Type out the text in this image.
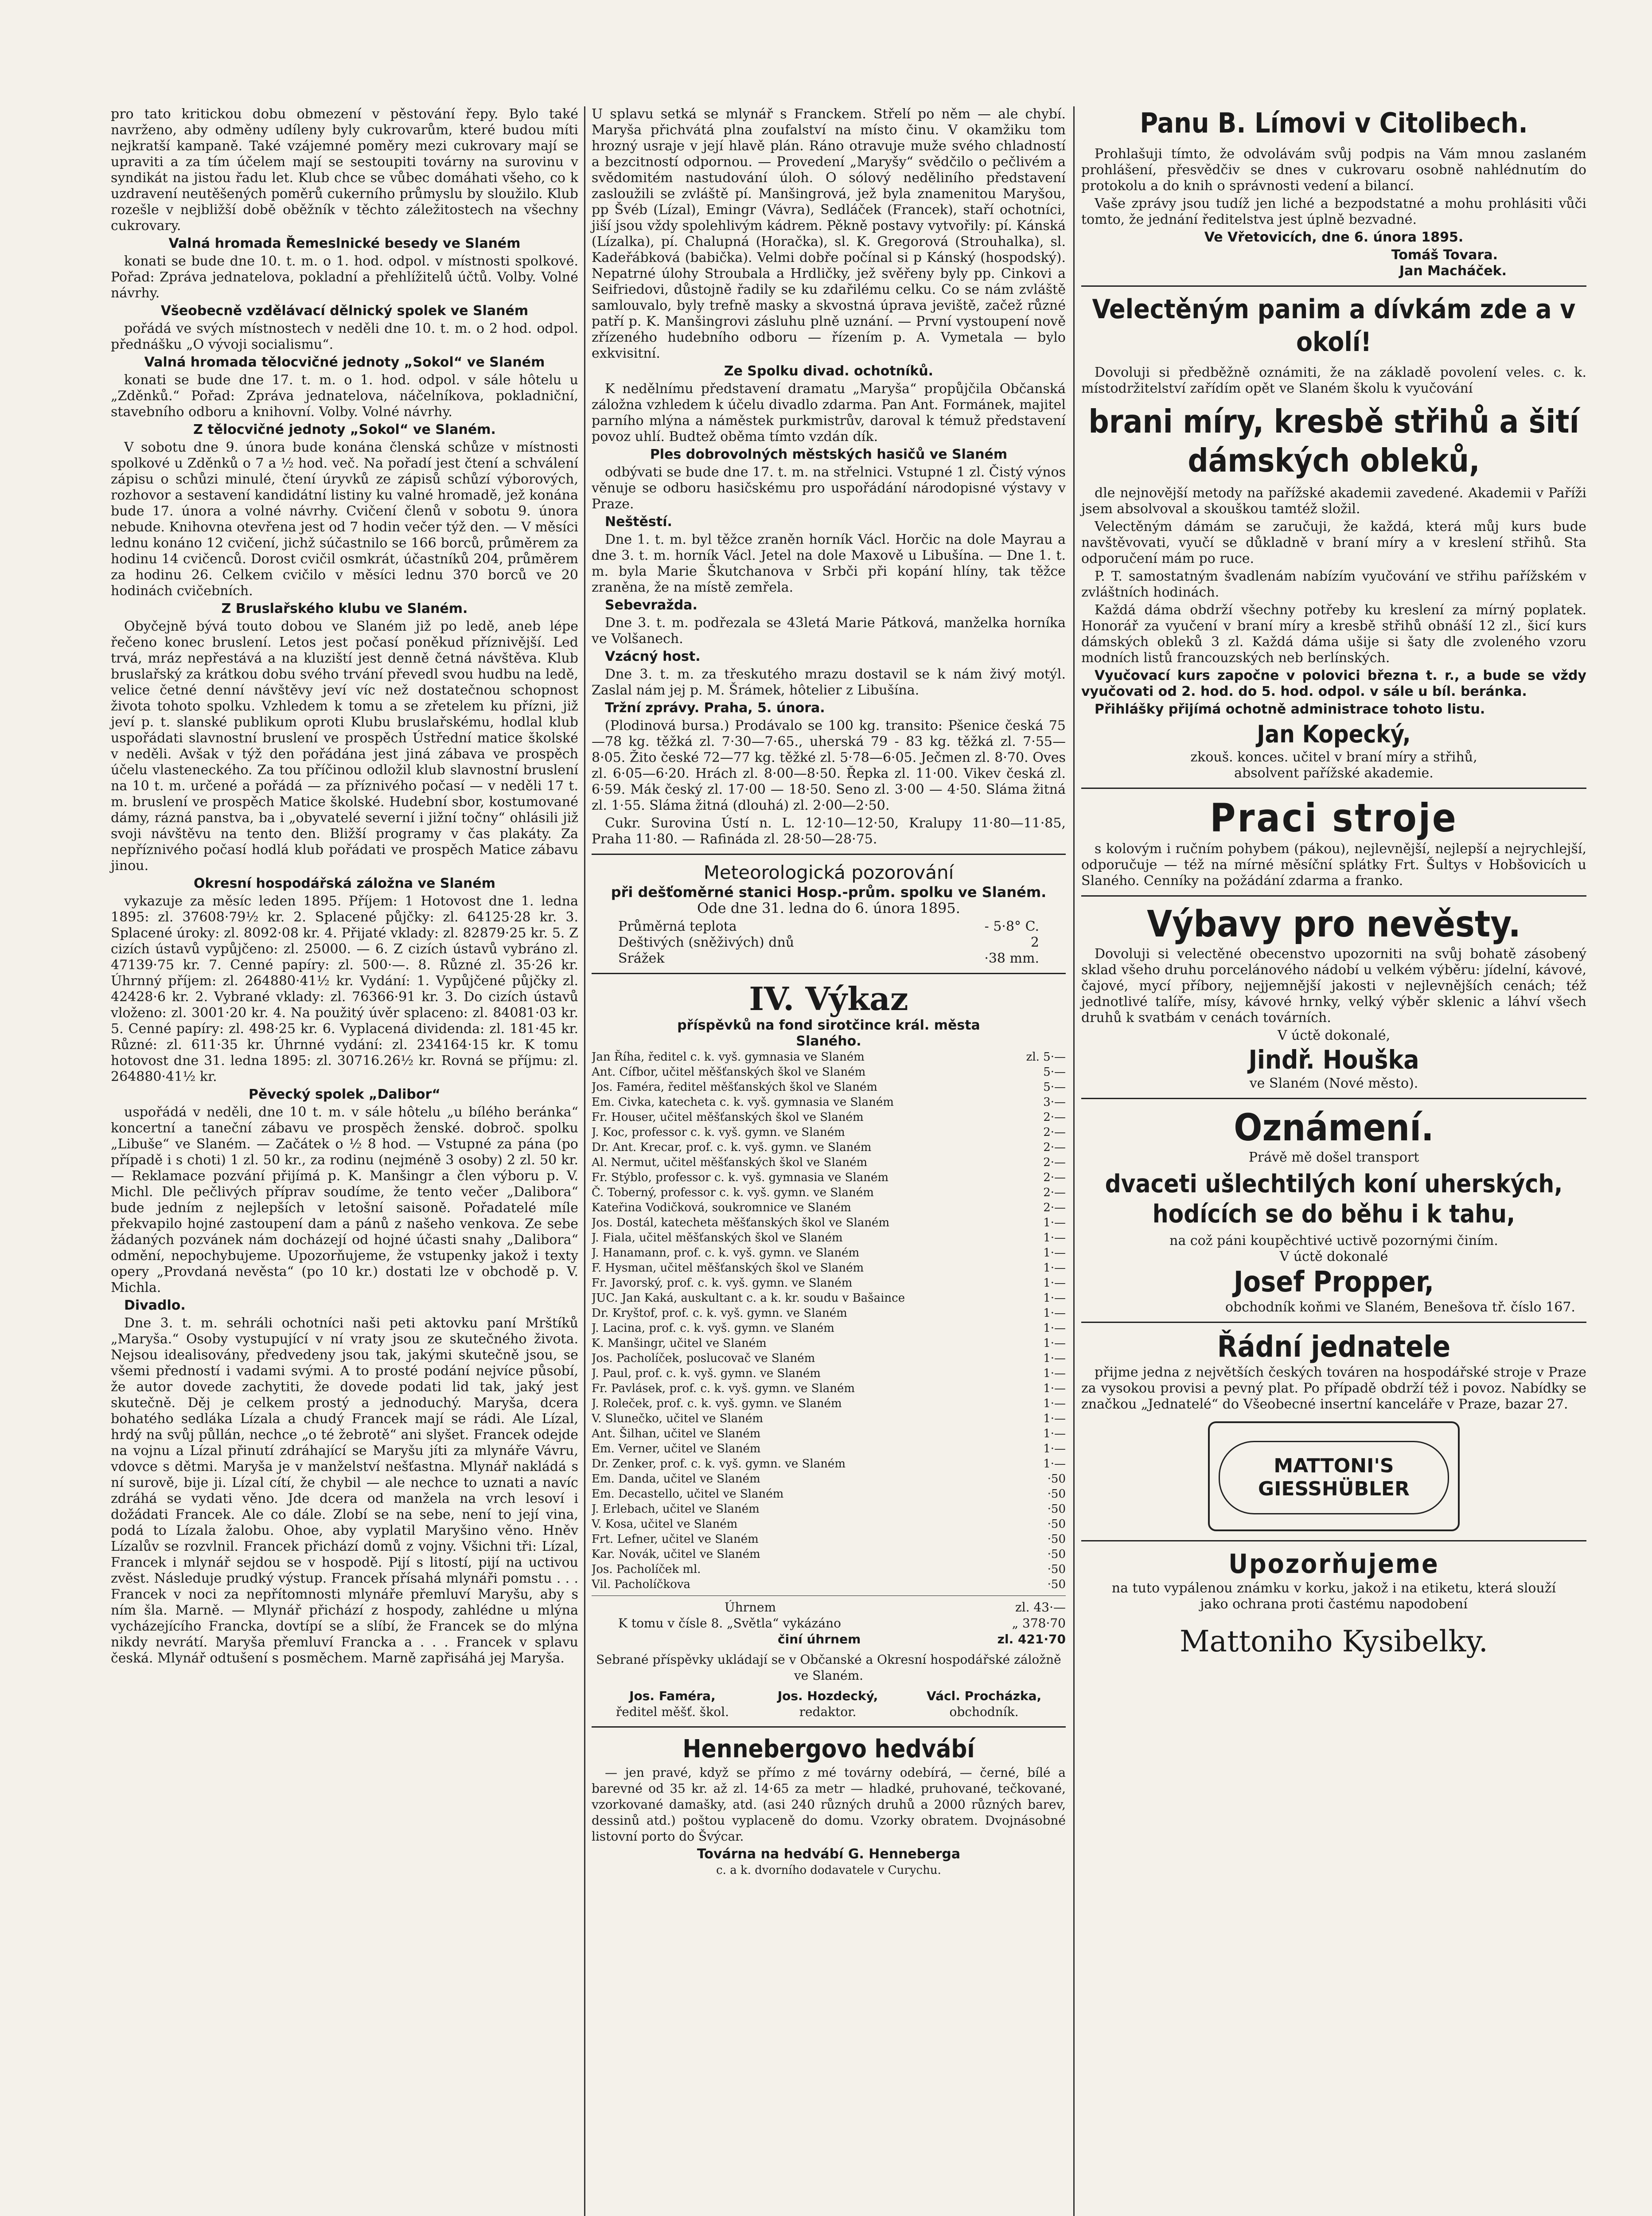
pro tato kritickou dobu obmezení v pěstování řepy. Bylo také navrženo, aby odměny udíleny byly cukrovarům, které budou míti nejkratší kampaně. Také vzájemné poměry mezi cukrovary mají se upraviti a za tím účelem mají se sestoupiti továrny na surovinu v syndikát na jistou řadu let. Klub chce se vůbec domáhati všeho, co k uzdravení neutěšených poměrů cukerního průmyslu by sloužilo. Klub rozešle v nejbližší době oběžník v těchto záležitostech na všechny cukrovary.

Valná hromada Řemeslnické besedy ve Slaném

konati se bude dne 10. t. m. o 1. hod. odpol. v místnosti spolkové. Pořad: Zprávа jednatelova, pokladní a přehlížitelů účtů. Volby. Volné návrhy.

Všeobecně vzdělávací dělnický spolek ve Slaném

pořádá ve svých místnostech v neděli dne 10. t. m. o 2 hod. odpol. přednášku „O vývoji socialismu“.

Valná hromada tělocvičné jednoty „Sokol“ ve Slaném

konati se bude dne 17. t. m. o 1. hod. odpol. v sále hôtelu u „Zděnků.“ Pořad: Zpráva jednatelova, náčelníkova, pokladniční, stavebního odboru a knihovní. Volby. Volné návrhy.

Z tělocvičné jednoty „Sokol“ ve Slaném.

V sobotu dne 9. února bude konána členská schůze v místnosti spolkové u Zděnků o 7 a ½ hod. več. Na pořadí jest čtení a schválení zápisu o schůzi minulé, čtení úryvků ze zápisů schůzí výborových, rozhovor a sestavení kandidátní listiny ku valné hromadě, jež konána bude 17. února a volné návrhy. Cvičení členů v sobotu 9. února nebude. Knihovna otevřena jest od 7 hodin večer týž den. — V měsíci lednu konáno 12 cvičení, jichž súčastnilo se 166 borců, průměrem za hodinu 14 cvičenců. Dorost cvičil osmkrát, účastníků 204, průměrem za hodinu 26. Celkem cvičilo v měsíci lednu 370 borců ve 20 hodinách cvičebních.

Z Bruslařského klubu ve Slaném.

Obyčejně bývá touto dobou ve Slaném již po ledě, aneb lépe řečeno konec bruslení. Letos jest počasí poněkud příznivější. Led trvá, mráz nepřestává a na kluziští jest denně četná návštěva. Klub bruslařský za krátkou dobu svého trvání převedl svou hudbu na ledě, velice četné denní návštěvy jeví víc než dostatečnou schopnost života tohoto spolku. Vzhledem k tomu a se zřetelem ku přízni, již jeví p. t. slanské publikum oproti Klubu bruslařskému, hodlal klub uspořádati slavnostní bruslení ve prospěch Ústřední matice školské v neděli. Avšak v týž den pořádána jest jiná zábava ve prospěch účelu vlasteneckého. Za tou příčinou odložil klub slavnostní bruslení na 10 t. m. určené a pořádá — za příznivého počasí — v neděli 17 t. m. bruslení ve prospěch Matice školské. Hudební sbor, kostumované dámy, rázná panstva, ba i „obyvatelé severní i jižní točny“ ohlásili již svoji návštěvu na tento den. Bližší programy v čas plakáty. Za nepříznivého počasí hodlá klub pořádati ve prospěch Matice zábavu jinou.

Okresní hospodářská záložna ve Slaném

vykazuje za měsíc leden 1895. Příjem: 1 Hotovost dne 1. ledna 1895: zl. 37608·79½ kr. 2. Splacené půjčky: zl. 64125·28 kr. 3. Splacené úroky: zl. 8092·08 kr. 4. Přijaté vklady: zl. 82879·25 kr. 5. Z cizích ústavů vypůjčeno: zl. 25000. — 6. Z cizích ústavů vybráno zl. 47139·75 kr. 7. Cenné papíry: zl. 500·—. 8. Různé zl. 35·26 kr. Úhrnný příjem: zl. 264880·41½ kr. Vydání: 1. Vypůjčené půjčky zl. 42428·6 kr. 2. Vybrané vklady: zl. 76366·91 kr. 3. Do cizích ústavů vloženo: zl. 3001·20 kr. 4. Na použitý úvěr splaceno: zl. 84081·03 kr. 5. Cenné papíry: zl. 498·25 kr. 6. Vyplacená dividenda: zl. 181·45 kr. Různé: zl. 611·35 kr. Úhrnné vydání: zl. 234164·15 kr. K tomu hotovost dne 31. ledna 1895: zl. 30716.26½ kr. Rovná se příjmu: zl. 264880·41½ kr.

Pěvecký spolek „Dalibor“

uspořádá v neděli, dne 10 t. m. v sále hôtelu „u bílého beránka“ koncertní a taneční zábavu ve prospěch ženské. dobroč. spolku „Libuše“ ve Slaném. — Začátek o ½ 8 hod. — Vstupné za pána (po případě i s choti) 1 zl. 50 kr., za rodinu (nejméně 3 osoby) 2 zl. 50 kr. — Reklamace pozvání přijímá p. K. Manšingr a člen výboru p. V. Michl. Dle pečlivých příprav soudíme, že tento večer „Dalibora“ bude jedním z nejlepších v letošní saisoně. Pořadatelé míle překvapilo hojné zastoupení dam a pánů z našeho venkova. Ze sebe žádaných pozvánek nám docházejí od hojné účasti snahy „Dalibora“ odmění, nepochybujeme. Upozorňujeme, že vstupenky jakož i texty opery „Provdaná nevěsta“ (po 10 kr.) dostati lze v obchodě p. V. Michla.

Divadlo.

Dne 3. t. m. sehráli ochotníci naši peti aktovku paní Mrštíků „Maryša.“ Osoby vystupující v ní vraty jsou ze skutečného života. Nejsou idealisovány, předvedeny jsou tak, jakými skutečně jsou, se všemi předností i vadami svými. A to prosté podání nejvíce působí, že autor dovede zachytiti, že dovede podati lid tak, jaký jest skutečně. Děj je celkem prostý a jednoduchý. Maryša, dcera bohatého sedláka Lízala a chudý Francek mají se rádi. Ale Lízal, hrdý na svůj půllán, nechce „o té žebrotě“ ani slyšet. Francek odejde na vojnu a Lízal přinutí zdráhající se Maryšu jíti za mlynáře Vávru, vdovce s dětmi. Maryša je v manželství nešťastna. Mlynář nakládá s ní surově, bije ji. Lízal cítí, že chybil — ale nechce to uznati a navíc zdráhá se vydati věno. Jde dcera od manžela na vrch lesoví i dožádati Francek. Ale co dále. Zlobí se na sebe, není to její vina, podá to Lízala žalobu. Ohoe, aby vyplatil Maryšino věno. Hněv Lízalův se rozvlnil. Francek přichází domů z vojny. Všichni tři: Lízal, Francek i mlynář sejdou se v hospodě. Pijí s litostí, pijí na uctivou zvěst. Následuje prudký výstup. Francek přísahá mlynáři pomstu . . . Francek v noci za nepřítomnosti mlynáře přemluví Maryšu, aby s ním šla. Marně. — Mlynář přichází z hospody, zahlédne u mlýna vycházejícího Francka, dovtípí se a slíbí, že Francek se do mlýna nikdy nevrátí. Maryša přemluví Francka a . . . Francek v splavu česká. Mlynář odtušení s posměchem. Marně zapřisáhá jej Maryša.

U splavu setká se mlynář s Franckem. Střelí po něm — ale chybí. Maryša přichvátá plna zoufalství na místo činu. V okamžiku tom hrozný usraje v její hlavě plán. Ráno otravuje muže svého chladností a bezcitností odpornou. — Provedení „Maryšy“ svědčilo o pečlivém a svědomitém nastudování úloh. O sólový neděliního představení zasloužili se zvláště pí. Manšingrová, jež byla znamenitou Maryšou, pp Švéb (Lízal), Emingr (Vávra), Sedláček (Francek), staří ochotníci, jiší jsou vždy spolehlivým kádrem. Pěkně postavy vytvořily: pí. Kánská (Lízalka), pí. Chalupná (Horačka), sl. K. Gregorová (Strouhalka), sl. Kadeřábková (babička). Velmi dobře počínal si p Kánský (hospodský). Nepatrné úlohy Stroubala a Hrdličky, jež svěřeny byly pp. Cinkovi a Seifriedovi, důstojně řadily se ku zdařilému celku. Co se nám zvláště samlouvalo, byly trefně masky a skvostná úprava jeviště, začež různé patří p. K. Manšingrovi zásluhu plně uznání. — První vystoupení nově zřízeného hudebního odboru — řízením p. A. Vymetala — bylo exkvisitní.

Ze Spolku divad. ochotníků.

K nedělnímu představení dramatu „Maryša“ propůjčila Občanská záložna vzhledem k účelu divadlo zdarma. Pan Ant. Formánek, majitel parního mlýna a náměstek purkmistrův, daroval k témuž představení povoz uhlí. Budtež oběma tímto vzdán dík.

Ples dobrovolných městských hasičů ve Slaném

odbývati se bude dne 17. t. m. na střelnici. Vstupné 1 zl. Čistý výnos věnuje se odboru hasičskému pro uspořádání národopisné výstavy v Praze.

Neštěstí.

Dne 1. t. m. byl těžce zraněn horník Václ. Horčic na dole Mayrau a dne 3. t. m. horník Václ. Jetel na dole Maxově u Libušína. — Dne 1. t. m. byla Marie Škutchanova v Srbči při kopání hlíny, tak těžce zraněna, že na místě zemřela.

Sebevražda.

Dne 3. t. m. podřezala se 43letá Marie Pátková, manželka horníka ve Volšanech.

Vzácný host.

Dne 3. t. m. za třeskutého mrazu dostavil se k nám živý motýl. Zaslal nám jej p. M. Šrámek, hôtelier z Libušína.

Tržní zprávy. Praha, 5. února.

(Plodinová bursa.) Prodávalo se 100 kg. transito: Pšenice česká 75—78 kg. těžká zl. 7·30—7·65., uherská 79 - 83 kg. těžká zl. 7·55—8·05. Žito české 72—77 kg. těžké zl. 5·78—6·05. Ječmen zl. 8·70. Oves zl. 6·05—6·20. Hrách zl. 8·00—8·50. Řepka zl. 11·00. Vikev česká zl. 6·59. Mák český zl. 17·00 — 18·50. Seno zl. 3·00 — 4·50. Sláma žitná zl. 1·55. Sláma žitná (dlouhá) zl. 2·00—2·50.

Cukr. Surovina Ústí n. L. 12·10—12·50, Kralupy 11·80—11·85, Praha 11·80. — Rafináda zl. 28·50—28·75.

Meteorologická pozorování
při dešťoměrné stanici Hosp.-prům. spolku ve Slaném.
Ode dne 31. ledna do 6. února 1895.
Průměrná teplota	- 5·8° C.
Deštivých (sněživých) dnů	2
Srážek	·38 mm.
IV. Výkaz
příspěvků na fond sirotčince král. města
Slaného.
Jan Říha, ředitel c. k. vyš. gymnasia ve Slaném	zl. 5·—
Ant. Cífbor, učitel měšťanských škol ve Slaném	5·—
Jos. Faméra, ředitel měšťanských škol ve Slaném	5·—
Em. Civka, katecheta c. k. vyš. gymnasia ve Slaném	3·—
Fr. Houser, učitel měšťanských škol ve Slaném	2·—
J. Koc, professor c. k. vyš. gymn. ve Slaném	2·—
Dr. Ant. Krecar, prof. c. k. vyš. gymn. ve Slaném	2·—
Al. Nermut, učitel měšťanských škol ve Slaném	2·—
Fr. Stýblo, professor c. k. vyš. gymnasia ve Slaném	2·—
Č. Toberný, professor c. k. vyš. gymn. ve Slaném	2·—
Kateřina Vodičková, soukromnice ve Slaném	2·—
Jos. Dostál, katecheta měšťanských škol ve Slaném	1·—
J. Fiala, učitel měšťanských škol ve Slaném	1·—
J. Hanamann, prof. c. k. vyš. gymn. ve Slaném	1·—
F. Hysman, učitel měšťanských škol ve Slaném	1·—
Fr. Javorský, prof. c. k. vyš. gymn. ve Slaném	1·—
JUC. Jan Kaká, auskultant c. a k. kr. soudu v Bašaince	1·—
Dr. Kryštof, prof. c. k. vyš. gymn. ve Slaném	1·—
J. Lacina, prof. c. k. vyš. gymn. ve Slaném	1·—
K. Manšingr, učitel ve Slaném	1·—
Jos. Pacholíček, poslucovač ve Slaném	1·—
J. Paul, prof. c. k. vyš. gymn. ve Slaném	1·—
Fr. Pavlásek, prof. c. k. vyš. gymn. ve Slaném	1·—
J. Roleček, prof. c. k. vyš. gymn. ve Slaném	1·—
V. Slunečko, učitel ve Slaném	1·—
Ant. Šilhan, učitel ve Slaném	1·—
Em. Verner, učitel ve Slaném	1·—
Dr. Zenker, prof. c. k. vyš. gymn. ve Slaném	1·—
Em. Danda, učitel ve Slaném	·50
Em. Decastello, učitel ve Slaném	·50
J. Erlebach, učitel ve Slaném	·50
V. Kosa, učitel ve Slaném	·50
Frt. Lefner, učitel ve Slaném	·50
Kar. Novák, učitel ve Slaném	·50
Jos. Pacholíček ml.	·50
Vil. Pacholíčkova	·50
Úhrnem	zl. 43·—
K tomu v čísle 8. „Světla“ vykázáno	„ 378·70
činí úhrnem	zl. 421·70

Sebrané příspěvky ukládají se v Občanské a Okresní hospodářské záložně ve Slaném.

Jos. Faméra,
ředitel měšť. škol.
Jos. Hozdecký,
redaktor.
Václ. Procházka,
obchodník.
Hennebergovo hedvábí

— jen pravé, když se přímo z mé továrny odebírá, — černé, bílé a barevné od 35 kr. až zl. 14·65 za metr — hladké, pruhované, tečkované, vzorkované damašky, atd. (asi 240 různých druhů a 2000 různých barev, dessinů atd.) poštou vyplaceně do domu. Vzorky obratem. Dvojnásobné listovní porto do Švýcar.

Továrna na hedvábí G. Henneberga
c. a k. dvorního dodavatele v Curychu.
Panu B. Límovi v Citolibech.

Prohlašuji tímto, že odvolávám svůj podpis na Vám mnou zaslaném prohlášení, přesvědčiv se dnes v cukrovaru osobně nahlédnutím do protokolu a do knih o správnosti vedení a bilancí.

Vaše zprávy jsou tudíž jen liché a bezpodstatné a mohu prohlásiti vůči tomto, že jednání ředitelstva jest úplně bezvadné.

Ve Vřetovicích, dne 6. února 1895.

Tomáš Tovara.
Jan Macháček.
Velectěným panim a dívkám zde a v okolí!

Dovoluji si předběžně oznámiti, že na základě povolení veles. c. k. místodržitelství zařídím opět ve Slaném školu k vyučování

brani míry, kresbě střihů a šití dámských obleků,

dle nejnovější metody na pařížské akademii zavedené. Akademii v Paříži jsem absolvoval a skouškou tamtéž složil.

Velectěným dámám se zaručuji, že každá, která můj kurs bude navštěvovati, vyučí se důkladně v braní míry a v kreslení střihů. Sta odporučení mám po ruce.

P. T. samostatným švadlenám nabízím vyučování ve střihu pařížském v zvláštních hodinách.

Každá dáma obdrží všechny potřeby ku kreslení za mírný poplatek. Honorář za vyučení v braní míry a kresbě střihů obnáší 12 zl., šicí kurs dámských obleků 3 zl. Každá dáma ušije si šaty dle zvoleného vzoru modních listů francouzských neb berlínských.

Vyučovací kurs započne v polovici března t. r., a bude se vždy vyučovati od 2. hod. do 5. hod. odpol. v sále u bíl. beránka.

Přihlášky přijímá ochotně administrace tohoto listu.

Jan Kopecký,
zkouš. konces. učitel v braní míry a střihů, absolvent pařížské akademie.
Praci stroje

s kolovým i ručním pohybem (pákou), nejlevnější, nejlepší a nejrychlejší, odporučuje — též na mírné měsíční splátky Frt. Šultys v Hobšovicích u Slaného. Cenníky na požádání zdarma a franko.

Výbavy pro nevěsty.

Dovoluji si velectěné obecenstvo upozorniti na svůj bohatě zásobený sklad všeho druhu porcelánového nádobí u velkém výběru: jídelní, kávové, čajové, mycí příbory, nejjemnější jakosti v nejlevnějších cenách; též jednotlivé talíře, mísy, kávové hrnky, velký výběr sklenic a láhví všech druhů k svatbám v cenách továrních.

V úctě dokonalé,
Jindř. Houška
ve Slaném (Nové město).
Oznámení.
Právě mě došel transport
dvaceti ušlechtilých koní uherských, hodících se do běhu i k tahu,
na což páni koupěchtivé uctivě pozornými činím.
V úctě dokonalé
Josef Propper,
obchodník koňmi ve Slaném, Benešova tř. číslo 167.
Řádní jednatele

přijme jedna z největších českých továren na hospodářské stroje v Praze za vysokou provisi a pevný plat. Po případě obdrží též i povoz. Nabídky se značkou „Jednatelé“ do Všeobecné insertní kanceláře v Praze, bazar 27.

MATTONI'S
GIESSHÜBLER
Upozorňujeme

na tuto vypálenou známku v korku, jakož i na etiketu, která slouží jako ochrana proti častému napodobení

Mattoniho Kysibelky.
